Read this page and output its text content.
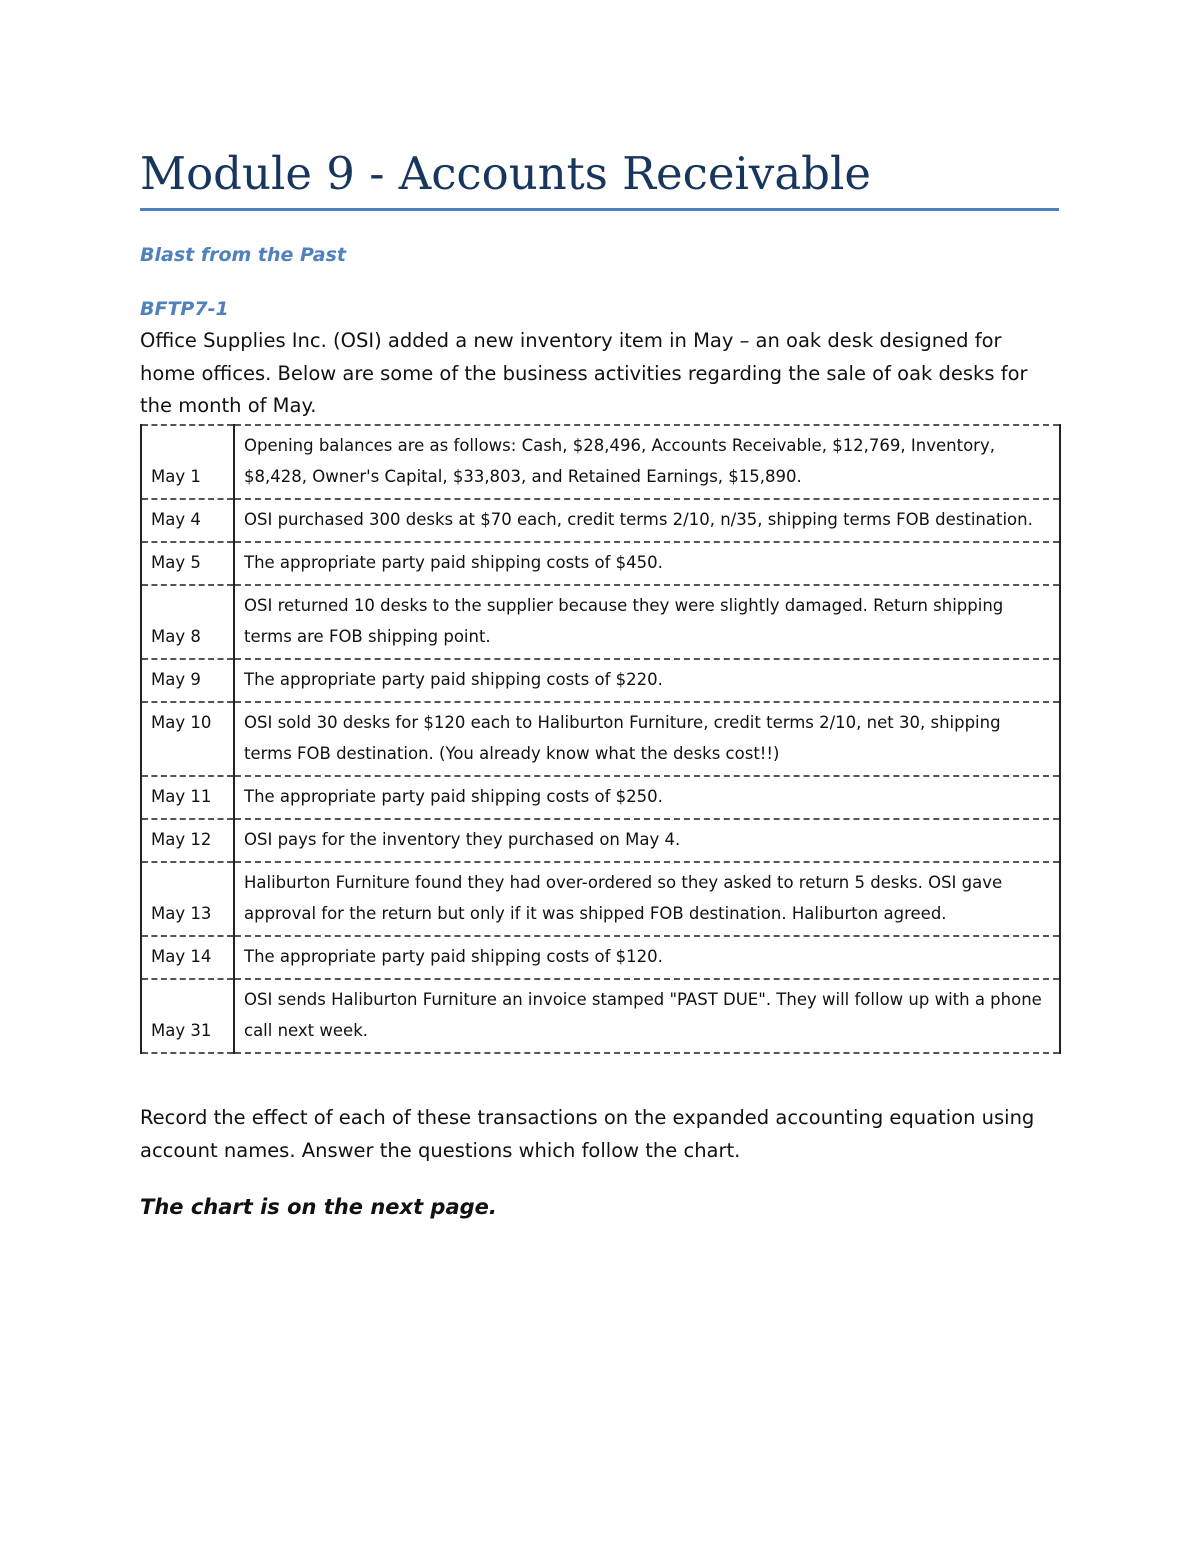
Module 9 - Accounts Receivable
Blast from the Past
BFTP7-1
Office Supplies Inc. (OSI) added a new inventory item in May – an oak desk designed for home offices. Below are some of the business activities regarding the sale of oak desks for the month of May.
May 1	Opening balances are as follows: Cash, $28,496, Accounts Receivable, $12,769, Inventory, $8,428, Owner's Capital, $33,803, and Retained Earnings, $15,890.
May 4	OSI purchased 300 desks at $70 each, credit terms 2/10, n/35, shipping terms FOB destination.
May 5	The appropriate party paid shipping costs of $450.
May 8	OSI returned 10 desks to the supplier because they were slightly damaged. Return shipping terms are FOB shipping point.
May 9	The appropriate party paid shipping costs of $220.
May 10	OSI sold 30 desks for $120 each to Haliburton Furniture, credit terms 2/10, net 30, shipping terms FOB destination. (You already know what the desks cost!!)
May 11	The appropriate party paid shipping costs of $250.
May 12	OSI pays for the inventory they purchased on May 4.
May 13	Haliburton Furniture found they had over-ordered so they asked to return 5 desks. OSI gave approval for the return but only if it was shipped FOB destination. Haliburton agreed.
May 14	The appropriate party paid shipping costs of $120.
May 31	OSI sends Haliburton Furniture an invoice stamped "PAST DUE". They will follow up with a phone call next week.
Record the effect of each of these transactions on the expanded accounting equation using account names. Answer the questions which follow the chart.
The chart is on the next page.
